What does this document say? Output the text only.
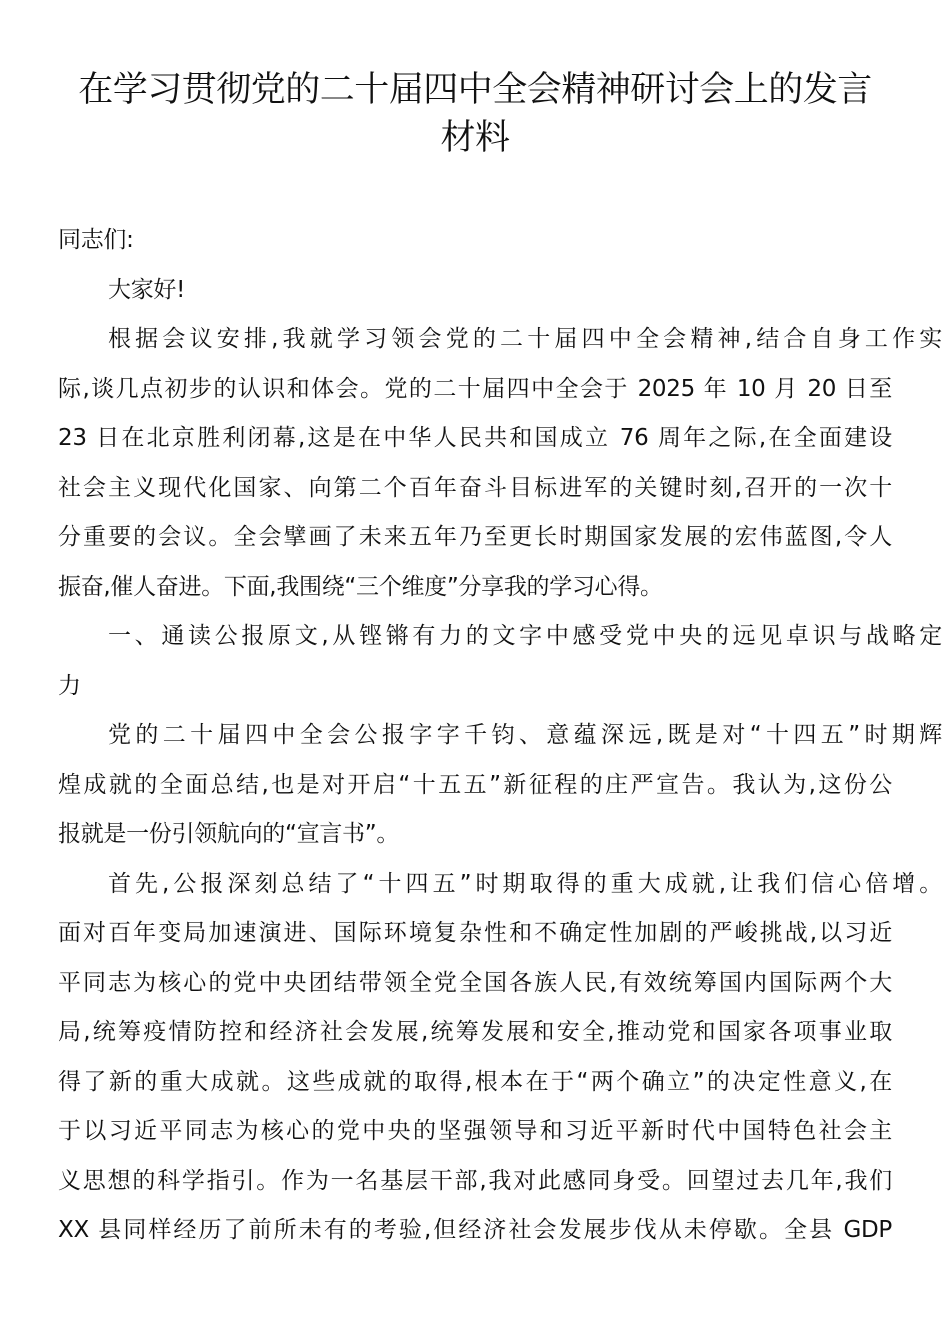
在学习贯彻党的二十届四中全会精神研讨会上的发言
材料
同志们:
大家好!
根据会议安排,我就学习领会党的二十届四中全会精神,结合自身工作实
际,谈几点初步的认识和体会。党的二十届四中全会于 2025 年 10 月 20 日至
23 日在北京胜利闭幕,这是在中华人民共和国成立 76 周年之际,在全面建设
社会主义现代化国家、向第二个百年奋斗目标进军的关键时刻,召开的一次十
分重要的会议。全会擘画了未来五年乃至更长时期国家发展的宏伟蓝图,令人
振奋,催人奋进。下面,我围绕“三个维度”分享我的学习心得。
一、通读公报原文,从铿锵有力的文字中感受党中央的远见卓识与战略定
力
党的二十届四中全会公报字字千钧、意蕴深远,既是对“十四五”时期辉
煌成就的全面总结,也是对开启“十五五”新征程的庄严宣告。我认为,这份公
报就是一份引领航向的“宣言书”。
首先,公报深刻总结了“十四五”时期取得的重大成就,让我们信心倍增。
面对百年变局加速演进、国际环境复杂性和不确定性加剧的严峻挑战,以习近
平同志为核心的党中央团结带领全党全国各族人民,有效统筹国内国际两个大
局,统筹疫情防控和经济社会发展,统筹发展和安全,推动党和国家各项事业取
得了新的重大成就。这些成就的取得,根本在于“两个确立”的决定性意义,在
于以习近平同志为核心的党中央的坚强领导和习近平新时代中国特色社会主
义思想的科学指引。作为一名基层干部,我对此感同身受。回望过去几年,我们
XX 县同样经历了前所未有的考验,但经济社会发展步伐从未停歇。全县 GDP
